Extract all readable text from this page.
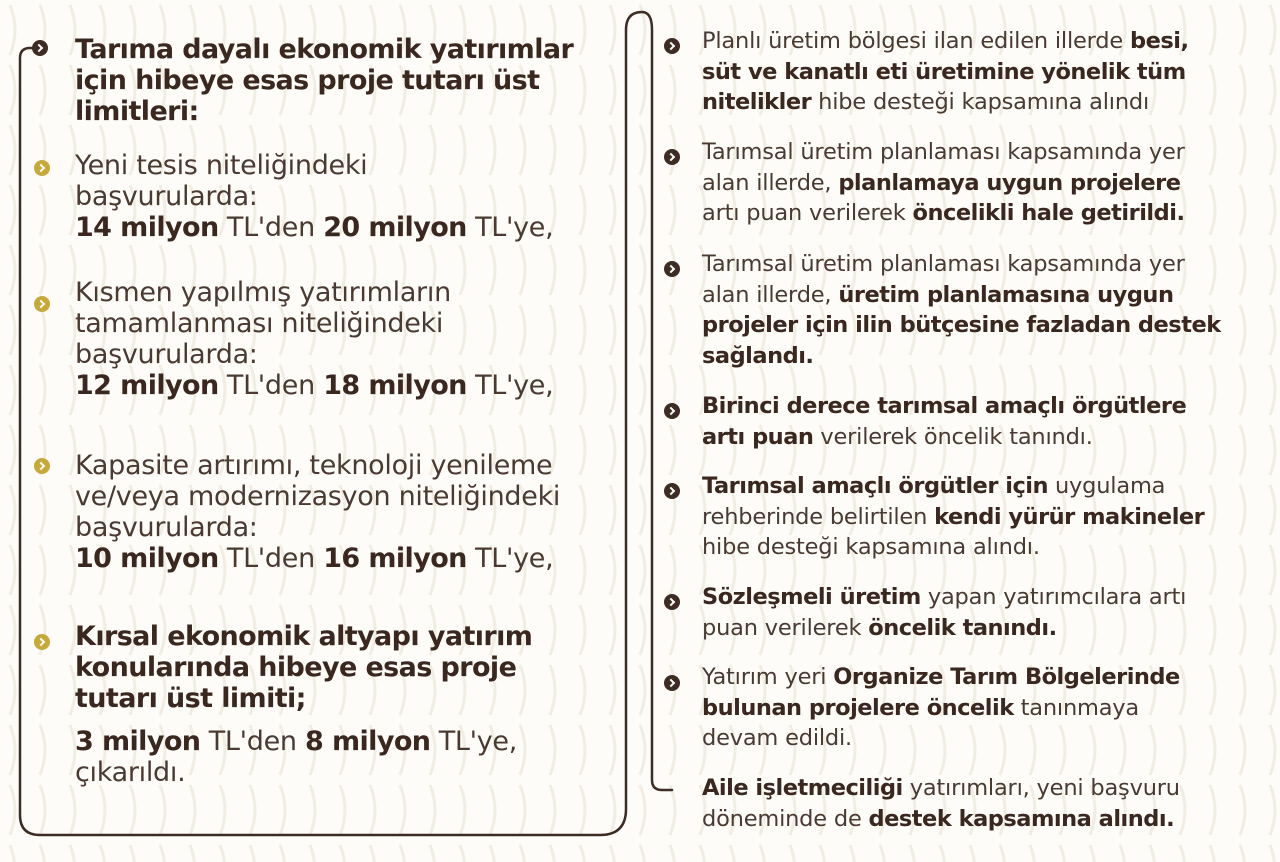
Tarıma dayalı ekonomik yatırımlar için hibeye esas proje tutarı üst limitleri:
Yeni tesis niteliğindeki
başvurularda:
14 milyon TL'den 20 milyon TL'ye,
Kısmen yapılmış yatırımların
tamamlanması niteliğindeki
başvurularda:
12 milyon TL'den 18 milyon TL'ye,
Kapasite artırımı, teknoloji yenileme
ve/veya modernizasyon niteliğindeki
başvurularda:
10 milyon TL'den 16 milyon TL'ye,
Kırsal ekonomik altyapı yatırım
konularında hibeye esas proje
tutarı üst limiti;
3 milyon TL'den 8 milyon TL'ye,
çıkarıldı.
Planlı üretim bölgesi ilan edilen illerde besi,
süt ve kanatlı eti üretimine yönelik tüm
nitelikler hibe desteği kapsamına alındı
Tarımsal üretim planlaması kapsamında yer
alan illerde, planlamaya uygun projelere
artı puan verilerek öncelikli hale getirildi.
Tarımsal üretim planlaması kapsamında yer
alan illerde, üretim planlamasına uygun
projeler için ilin bütçesine fazladan destek
sağlandı.
Birinci derece tarımsal amaçlı örgütlere
artı puan verilerek öncelik tanındı.
Tarımsal amaçlı örgütler için uygulama
rehberinde belirtilen kendi yürür makineler
hibe desteği kapsamına alındı.
Sözleşmeli üretim yapan yatırımcılara artı
puan verilerek öncelik tanındı.
Yatırım yeri Organize Tarım Bölgelerinde
bulunan projelere öncelik tanınmaya
devam edildi.
Aile işletmeciliği yatırımları, yeni başvuru
döneminde de destek kapsamına alındı.
